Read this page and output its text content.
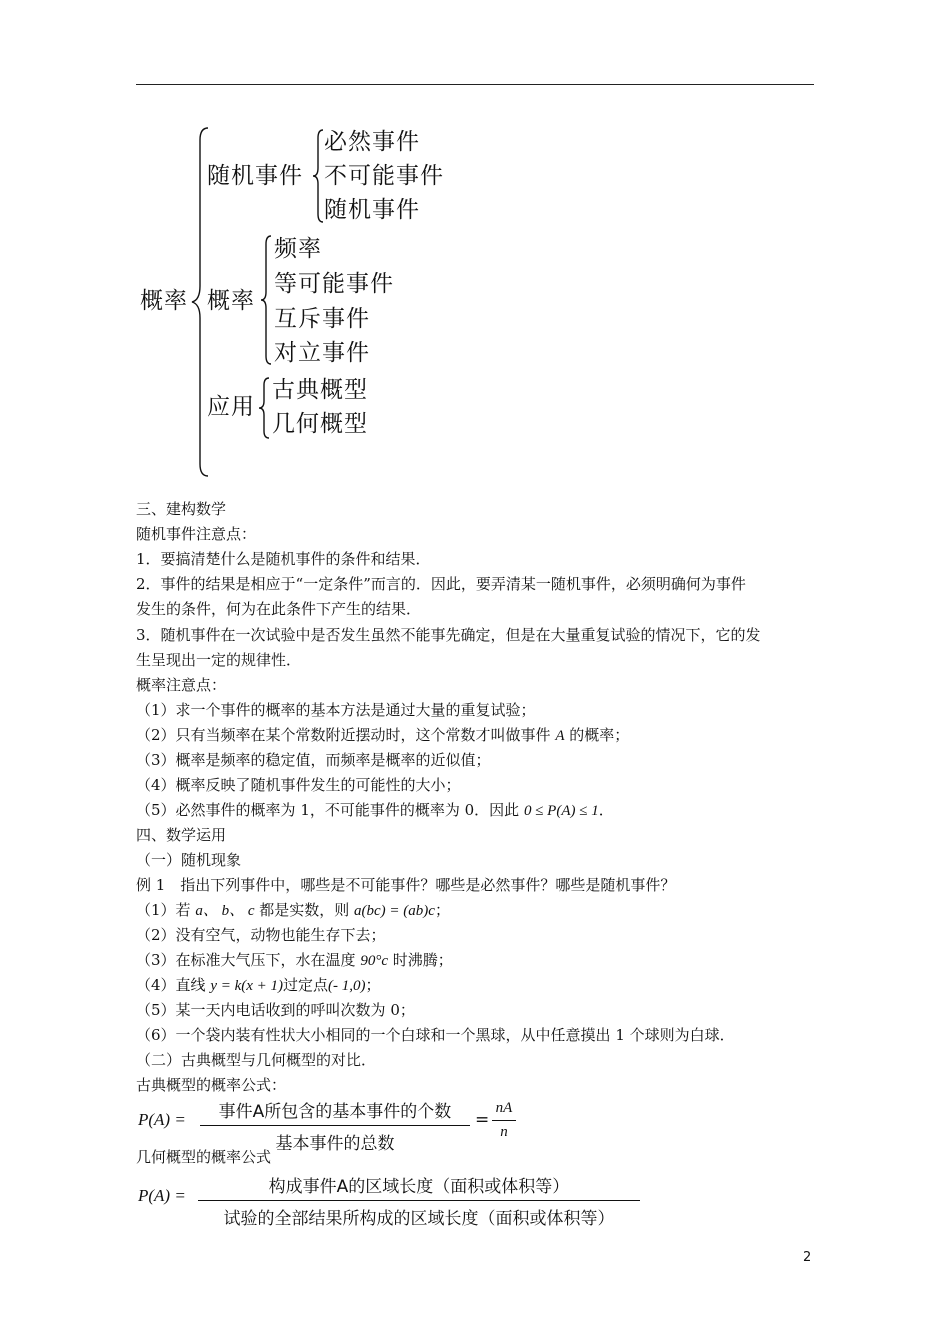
概率
随机事件
必然事件
不可能事件
随机事件
概率
频率
等可能事件
互斥事件
对立事件
应用
古典概型
几何概型
三、建构数学
随机事件注意点：
1．要搞清楚什么是随机事件的条件和结果．
2．事件的结果是相应于“一定条件”而言的．因此，要弄清某一随机事件，必须明确何为事件
发生的条件，何为在此条件下产生的结果．
3．随机事件在一次试验中是否发生虽然不能事先确定，但是在大量重复试验的情况下，它的发
生呈现出一定的规律性．
概率注意点：
（1）求一个事件的概率的基本方法是通过大量的重复试验；
（2）只有当频率在某个常数附近摆动时，这个常数才叫做事件 A 的概率；
（3）概率是频率的稳定值，而频率是概率的近似值；
（4）概率反映了随机事件发生的可能性的大小；
（5）必然事件的概率为 1，不可能事件的概率为 0．因此 0 ≤ P(A) ≤ 1．
四、数学运用
（一）随机现象
例 1　指出下列事件中，哪些是不可能事件？哪些是必然事件？哪些是随机事件？
（1）若 a、 b、 c 都是实数，则 a(bc) = (ab)c；
（2）没有空气，动物也能生存下去；
（3）在标准大气压下，水在温度 90°c 时沸腾；
（4）直线 y = k(x + 1)过定点(- 1,0)；
（5）某一天内电话收到的呼叫次数为 0；
（6）一个袋内装有性状大小相同的一个白球和一个黑球，从中任意摸出 1 个球则为白球．
（二）古典概型与几何概型的对比．
古典概型的概率公式：
P(A) =	事件A所包含的基本事件的个数
基本事件的总数
=
nA
n
几何概型的概率公式
P(A) =	构成事件A的区域长度（面积或体积等）
试验的全部结果所构成的区域长度（面积或体积等）
2
